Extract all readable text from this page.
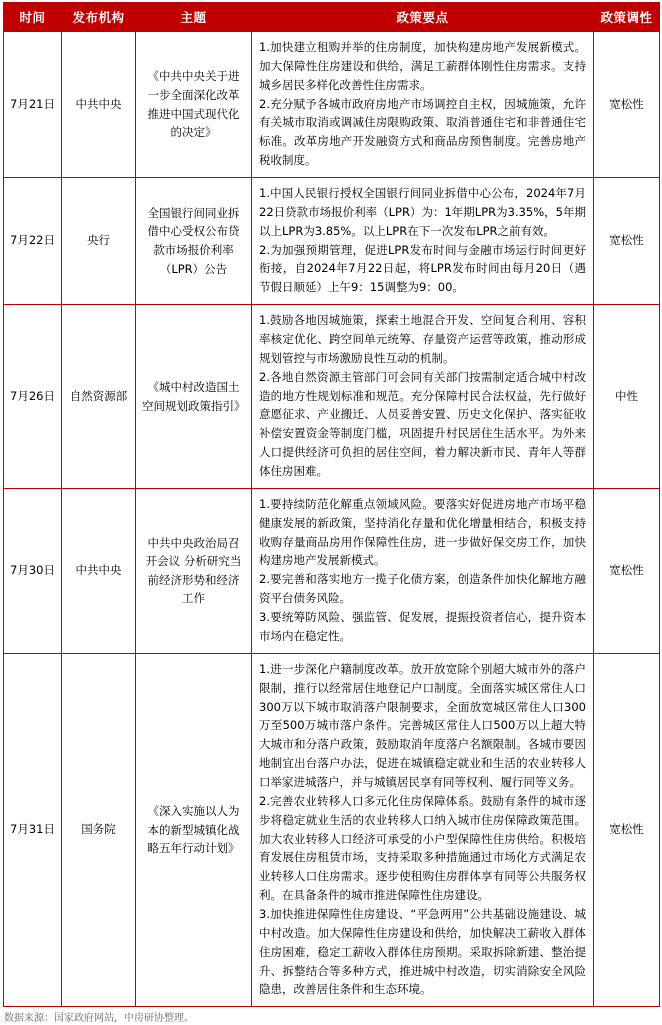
时间	发布机构	主题	政策要点	政策调性
7月21日	中共中央	《中共中央关于进一步全面深化改革 推进中国式现代化的决定》	1.加快建立租购并举的住房制度，加快构建房地产发展新模式。加大保障性住房建设和供给，满足工薪群体刚性住房需求。支持城乡居民多样化改善性住房需求。

2.充分赋予各城市政府房地产市场调控自主权，因城施策，允许有关城市取消或调减住房限购政策、取消普通住宅和非普通住宅标准。改革房地产开发融资方式和商品房预售制度。完善房地产税收制度。	宽松性
7月22日	央行	全国银行间同业拆借中心受权公布贷款市场报价利率（LPR）公告	1.中国人民银行授权全国银行间同业拆借中心公布，2024年7月22日贷款市场报价利率（LPR）为：1年期LPR为3.35%，5年期以上LPR为3.85%。以上LPR在下一次发布LPR之前有效。

2.为加强预期管理，促进LPR发布时间与金融市场运行时间更好衔接，自2024年7月22日起，将LPR发布时间由每月20日（遇节假日顺延）上午9：15调整为9：00。	宽松性
7月26日	自然资源部	《城中村改造国土空间规划政策指引》	1.鼓励各地因城施策，探索土地混合开发、空间复合利用、容积率核定优化、跨空间单元统筹、存量资产运营等政策，推动形成规划管控与市场激励良性互动的机制。

2.各地自然资源主管部门可会同有关部门按需制定适合城中村改造的地方性规划标准和规范。充分保障村民合法权益，先行做好意愿征求、产业搬迁、人员妥善安置、历史文化保护、落实征收补偿安置资金等制度门槛，巩固提升村民居住生活水平。为外来人口提供经济可负担的居住空间，着力解决新市民、青年人等群体住房困难。	中性
7月30日	中共中央	中共中央政治局召开会议 分析研究当前经济形势和经济工作	1.要持续防范化解重点领域风险。要落实好促进房地产市场平稳健康发展的新政策，坚持消化存量和优化增量相结合，积极支持收购存量商品房用作保障性住房，进一步做好保交房工作，加快构建房地产发展新模式。

2.要完善和落实地方一揽子化债方案，创造条件加快化解地方融资平台债务风险。

3.要统筹防风险、强监管、促发展，提振投资者信心，提升资本市场内在稳定性。	宽松性
7月31日	国务院	《深入实施以人为本的新型城镇化战略五年行动计划》	1.进一步深化户籍制度改革。放开放宽除个别超大城市外的落户限制，推行以经常居住地登记户口制度。全面落实城区常住人口300万以下城市取消落户限制要求，全面放宽城区常住人口300万至500万城市落户条件。完善城区常住人口500万以上超大特大城市和分落户政策，鼓励取消年度落户名额限制。各城市要因地制宜出台落户办法，促进在城镇稳定就业和生活的农业转移人口举家进城落户，并与城镇居民享有同等权利、履行同等义务。

2.完善农业转移人口多元化住房保障体系。鼓励有条件的城市逐步将稳定就业生活的农业转移人口纳入城市住房保障政策范围。加大农业转移人口经济可承受的小户型保障性住房供给。积极培育发展住房租赁市场，支持采取多种措施通过市场化方式满足农业转移人口住房需求。逐步使租购住房群体享有同等公共服务权利。在具备条件的城市推进保障性住房建设。

3.加快推进保障性住房建设、“平急两用”公共基础设施建设、城中村改造。加大保障性住房建设和供给，加快解决工薪收入群体住房困难，稳定工薪收入群体住房预期。采取拆除新建、整治提升、拆整结合等多种方式，推进城中村改造，切实消除安全风险隐患，改善居住条件和生态环境。	宽松性
数据来源：国家政府网站，中房研协整理。
